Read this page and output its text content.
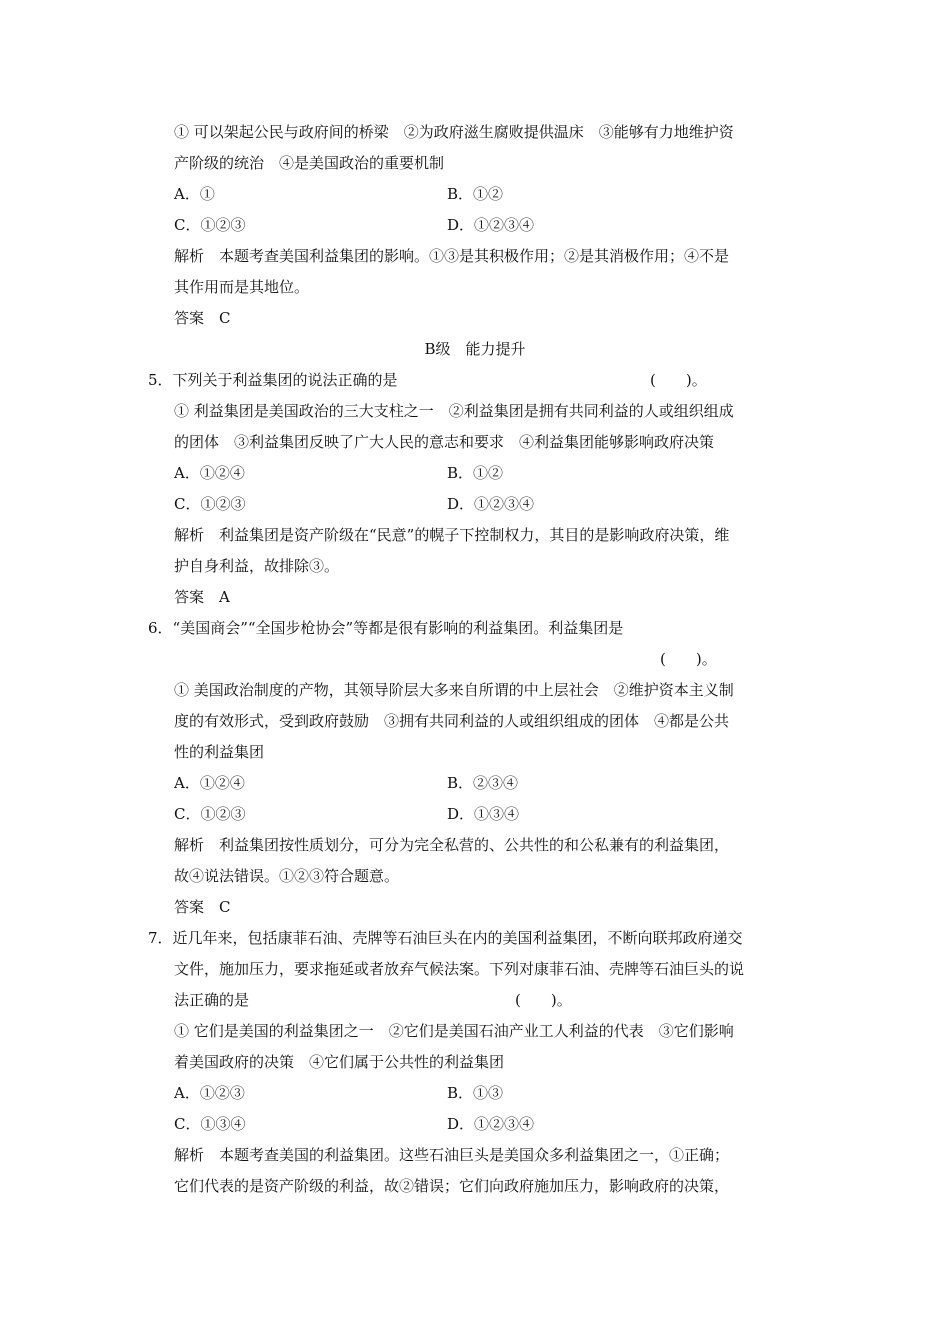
① 可以架起公民与政府间的桥梁　②为政府滋生腐败提供温床　③能够有力地维护资
产阶级的统治　④是美国政治的重要机制
A．①	B．①②
C．①②③	D．①②③④
解析　本题考查美国利益集团的影响。①③是其积极作用；②是其消极作用；④不是
其作用而是其地位。
答案　C
B级　能力提升
5．下列关于利益集团的说法正确的是	(　　)。
① 利益集团是美国政治的三大支柱之一　②利益集团是拥有共同利益的人或组织组成
的团体　③利益集团反映了广大人民的意志和要求　④利益集团能够影响政府决策
A．①②④	B．①②
C．①②③	D．①②③④
解析　利益集团是资产阶级在“民意”的幌子下控制权力，其目的是影响政府决策，维
护自身利益，故排除③。
答案　A
6．“美国商会”“全国步枪协会”等都是很有影响的利益集团。利益集团是
(　　)。
① 美国政治制度的产物，其领导阶层大多来自所谓的中上层社会　②维护资本主义制
度的有效形式，受到政府鼓励　③拥有共同利益的人或组织组成的团体　④都是公共
性的利益集团
A．①②④	B．②③④
C．①②③	D．①③④
解析　利益集团按性质划分，可分为完全私营的、公共性的和公私兼有的利益集团，
故④说法错误。①②③符合题意。
答案　C
7．近几年来，包括康菲石油、壳牌等石油巨头在内的美国利益集团，不断向联邦政府递交
文件，施加压力，要求拖延或者放弃气候法案。下列对康菲石油、壳牌等石油巨头的说
法正确的是	(　　)。
① 它们是美国的利益集团之一　②它们是美国石油产业工人利益的代表　③它们影响
着美国政府的决策　④它们属于公共性的利益集团
A．①②③	B．①③
C．①③④	D．①②③④
解析　本题考查美国的利益集团。这些石油巨头是美国众多利益集团之一，①正确；
它们代表的是资产阶级的利益，故②错误；它们向政府施加压力，影响政府的决策，
